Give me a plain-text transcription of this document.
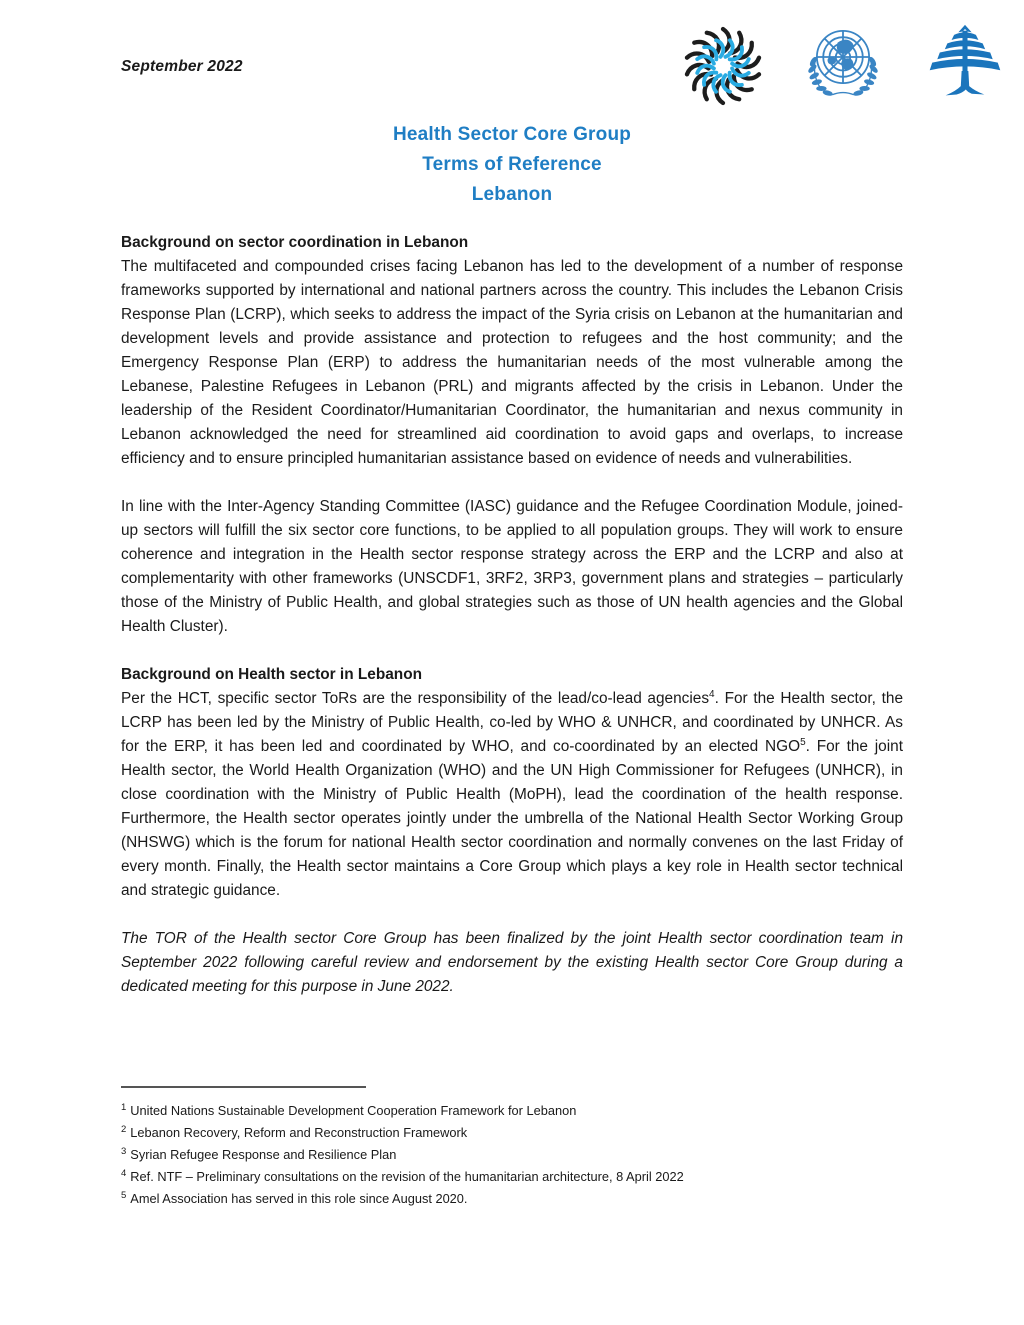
September 2022
Health Sector Core Group
Terms of Reference
Lebanon
Background on sector coordination in Lebanon
The multifaceted and compounded crises facing Lebanon has led to the development of a number of response frameworks supported by international and national partners across the country. This includes the Lebanon Crisis Response Plan (LCRP), which seeks to address the impact of the Syria crisis on Lebanon at the humanitarian and development levels and provide assistance and protection to refugees and the host community; and the Emergency Response Plan (ERP) to address the humanitarian needs of the most vulnerable among the Lebanese, Palestine Refugees in Lebanon (PRL) and migrants affected by the crisis in Lebanon. Under the leadership of the Resident Coordinator/Humanitarian Coordinator, the humanitarian and nexus community in Lebanon acknowledged the need for streamlined aid coordination to avoid gaps and overlaps, to increase efficiency and to ensure principled humanitarian assistance based on evidence of needs and vulnerabilities.
In line with the Inter-Agency Standing Committee (IASC) guidance and the Refugee Coordination Module, joined-up sectors will fulfill the six sector core functions, to be applied to all population groups. They will work to ensure coherence and integration in the Health sector response strategy across the ERP and the LCRP and also at complementarity with other frameworks (UNSCDF1, 3RF2, 3RP3, government plans and strategies – particularly those of the Ministry of Public Health, and global strategies such as those of UN health agencies and the Global Health Cluster).
Background on Health sector in Lebanon
Per the HCT, specific sector ToRs are the responsibility of the lead/co-lead agencies$^4$. For the Health sector, the LCRP has been led by the Ministry of Public Health, co-led by WHO & UNHCR, and coordinated by UNHCR. As for the ERP, it has been led and coordinated by WHO, and co-coordinated by an elected NGO$^5$. For the joint Health sector, the World Health Organization (WHO) and the UN High Commissioner for Refugees (UNHCR), in close coordination with the Ministry of Public Health (MoPH), lead the coordination of the health response. Furthermore, the Health sector operates jointly under the umbrella of the National Health Sector Working Group (NHSWG) which is the forum for national Health sector coordination and normally convenes on the last Friday of every month. Finally, the Health sector maintains a Core Group which plays a key role in Health sector technical and strategic guidance.
The TOR of the Health sector Core Group has been finalized by the joint Health sector coordination team in September 2022 following careful review and endorsement by the existing Health sector Core Group during a dedicated meeting for this purpose in June 2022.
$^1$ United Nations Sustainable Development Cooperation Framework for Lebanon
$^2$ Lebanon Recovery, Reform and Reconstruction Framework
$^3$ Syrian Refugee Response and Resilience Plan
$^4$ Ref. NTF – Preliminary consultations on the revision of the humanitarian architecture, 8 April 2022
$^5$ Amel Association has served in this role since August 2020.
